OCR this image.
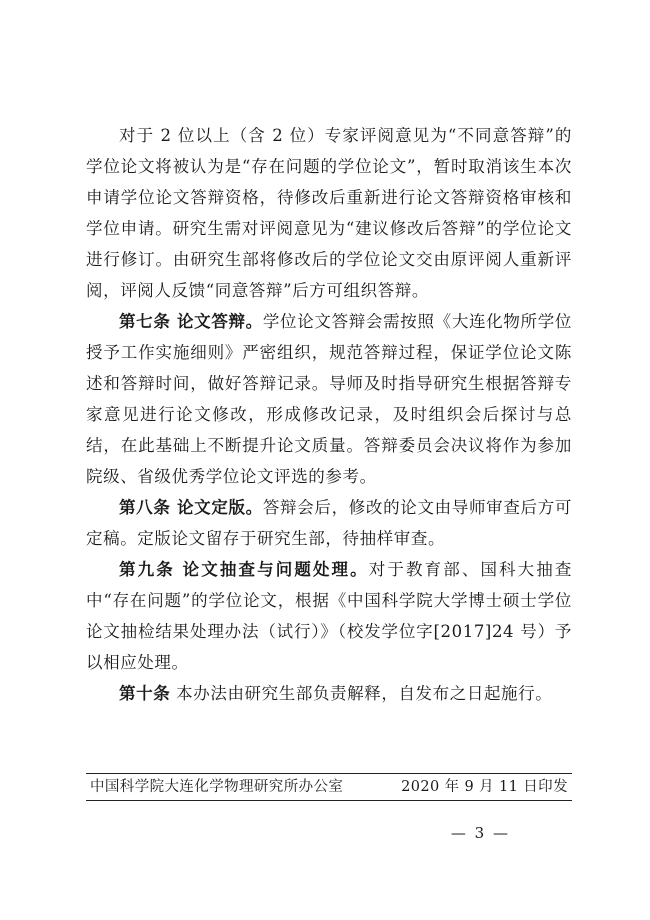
对于 2 位以上（含 2 位）专家评阅意见为“不同意答辩”的学位论文将被认为是“存在问题的学位论文”，暂时取消该生本次申请学位论文答辩资格，待修改后重新进行论文答辩资格审核和学位申请。研究生需对评阅意见为“建议修改后答辩”的学位论文进行修订。由研究生部将修改后的学位论文交由原评阅人重新评阅，评阅人反馈“同意答辩”后方可组织答辩。

第七条 论文答辩。学位论文答辩会需按照《大连化物所学位授予工作实施细则》严密组织，规范答辩过程，保证学位论文陈述和答辩时间，做好答辩记录。导师及时指导研究生根据答辩专家意见进行论文修改，形成修改记录，及时组织会后探讨与总结，在此基础上不断提升论文质量。答辩委员会决议将作为参加院级、省级优秀学位论文评选的参考。

第八条 论文定版。答辩会后，修改的论文由导师审查后方可定稿。定版论文留存于研究生部，待抽样审查。

第九条 论文抽查与问题处理。对于教育部、国科大抽查中“存在问题”的学位论文，根据《中国科学院大学博士硕士学位论文抽检结果处理办法（试行）》（校发学位字[2017]24 号）予以相应处理。

第十条 本办法由研究生部负责解释，自发布之日起施行。

中国科学院大连化学物理研究所办公室	2020 年 9 月 11 日印发
— 3 —
